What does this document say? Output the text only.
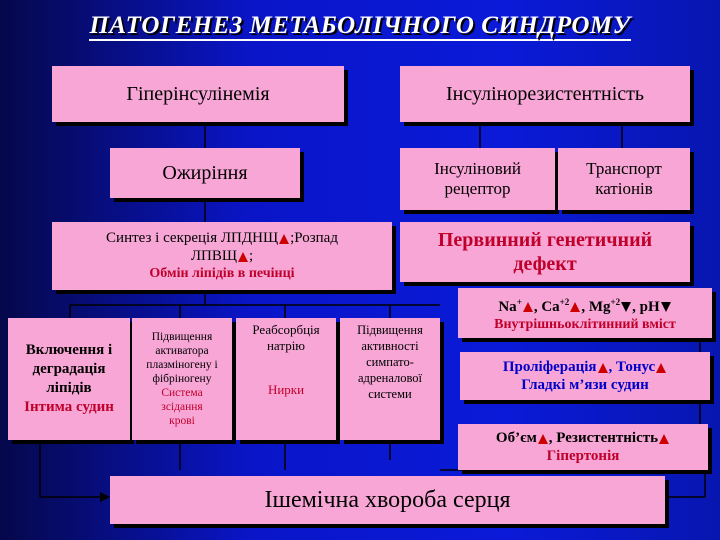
ПАТОГЕНЕЗ МЕТАБОЛІЧНОГО СИНДРОМУ
Гіперінсулінемія	Інсулінорезистентність
Ожиріння	Інсуліновий
рецептор
Транспорт
катіонів
Синтез і секреція ЛПДНЩ ;Розпад
ЛПВЩ ;
Обмін ліпідів в печінці
Первинний генетичний
дефект
Na+ , $Ca^{+2}$ , $Mg^{+2}$ , pH
Внутрішньоклітинний вміст
Включення і
деградація
ліпідів
Інтима судин
Підвищення
активатора
плазміногену і
фібріногену
Система
зсідання
крові
Реабсорбція
натрію
Нирки
Підвищення
активності
симпато-
адреналової
системи
Проліферація , Тонус
Гладкі м’язи судин
Об’єм , Резистентність
Гіпертонія
Ішемічна хвороба серця
